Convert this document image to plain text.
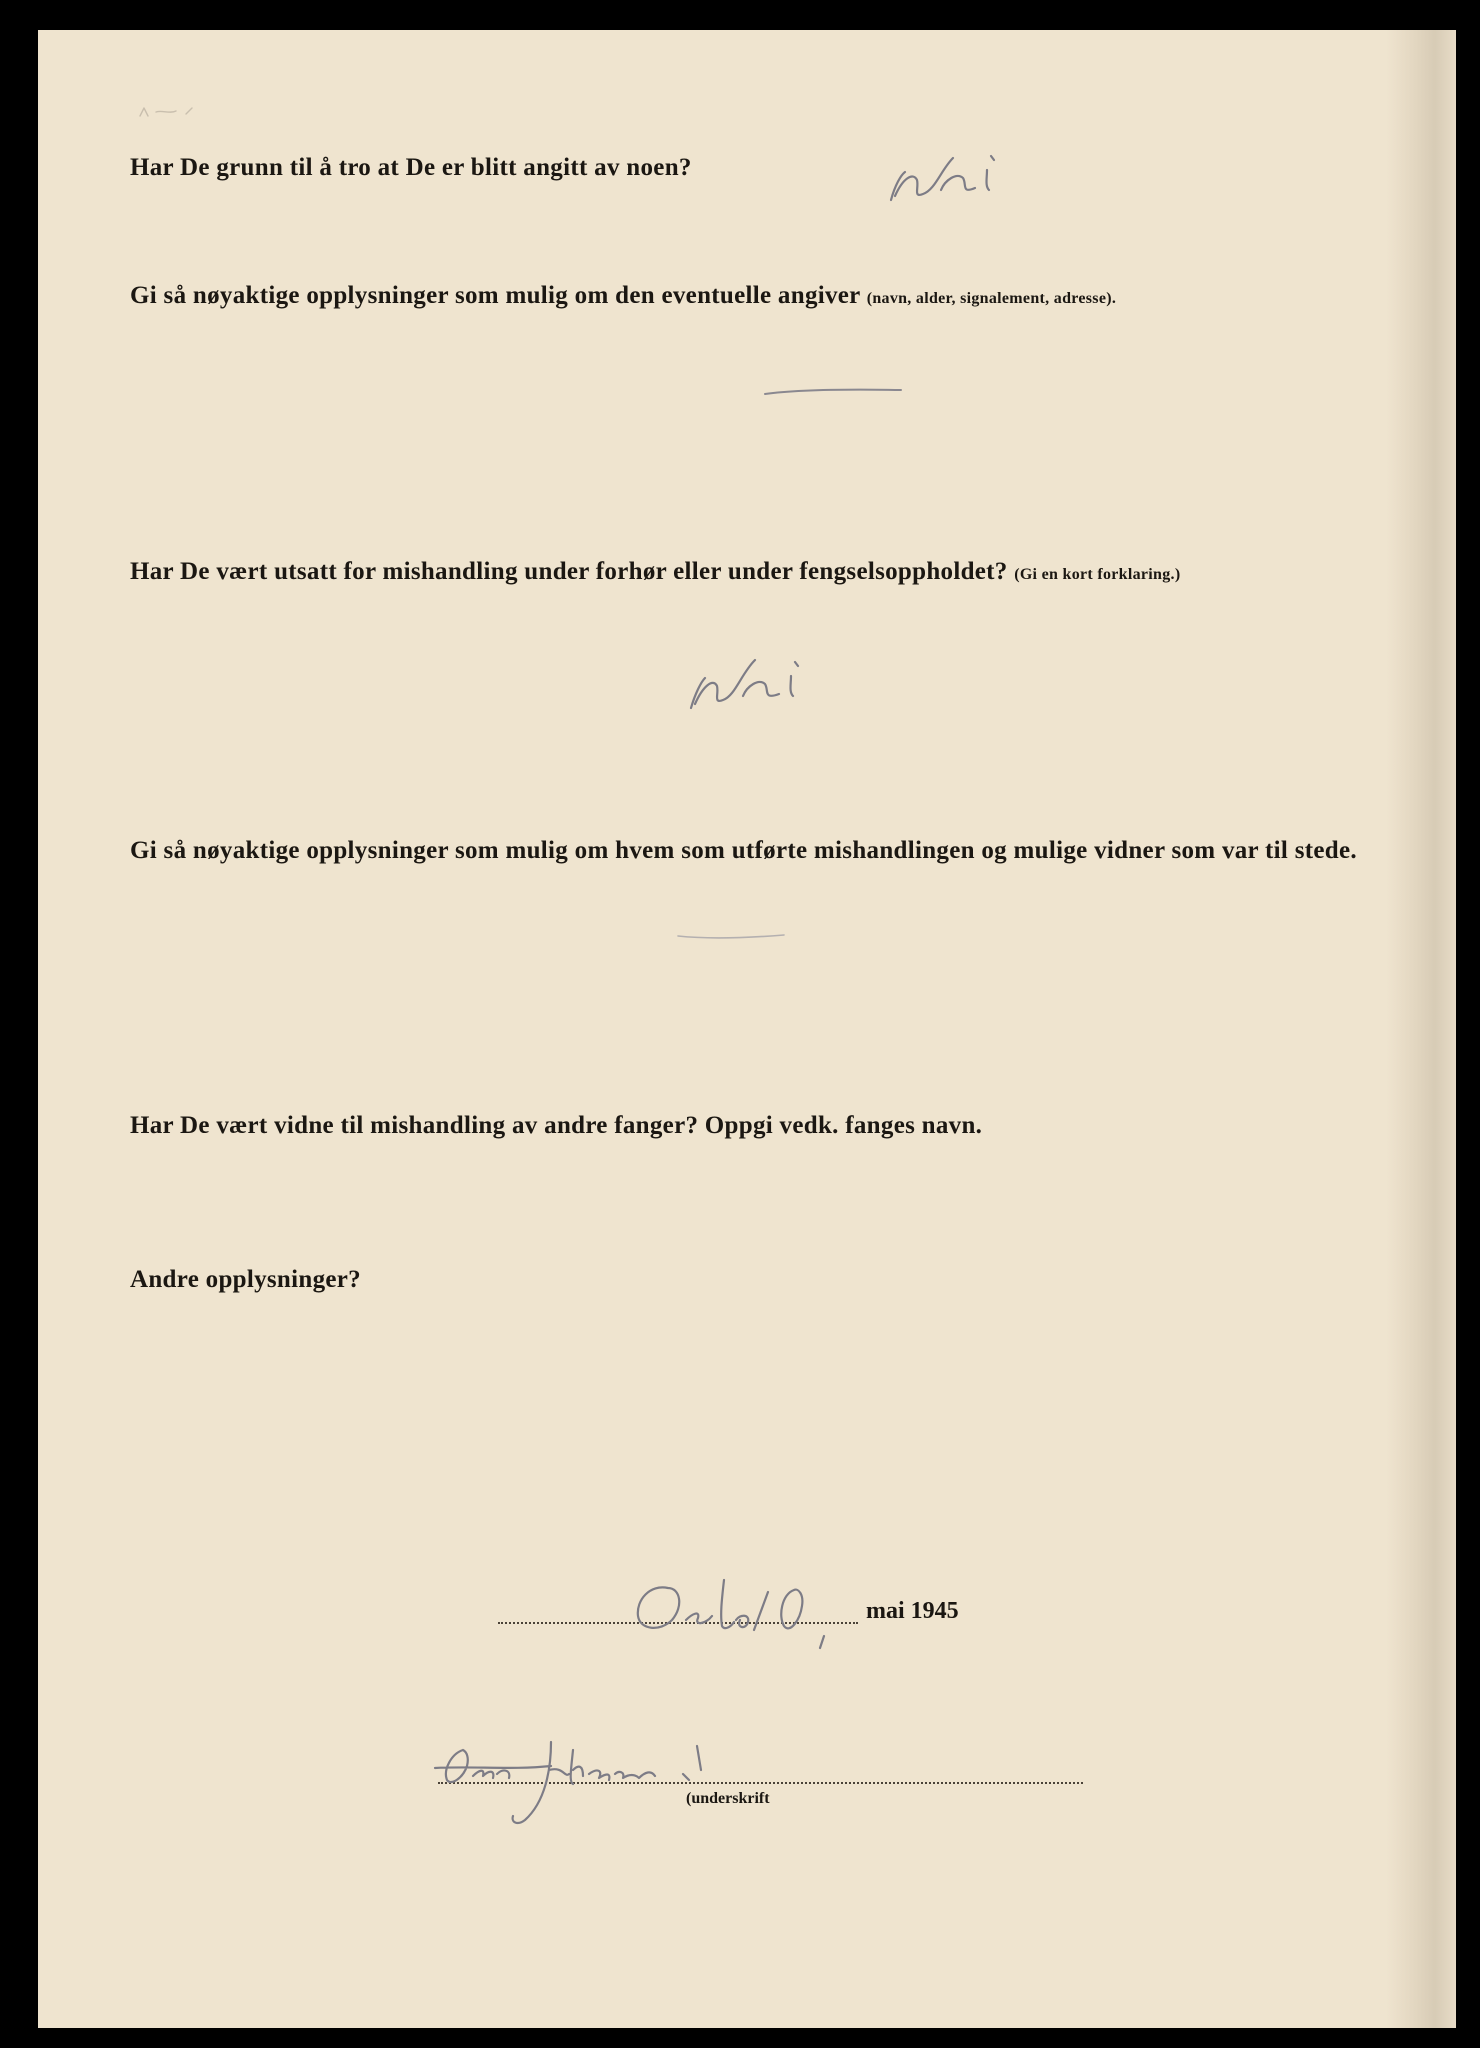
Har De grunn til å tro at De er blitt angitt av noen?

Gi så nøyaktige opplysninger som mulig om den eventuelle angiver (navn, alder, signalement, adresse).

Har De vært utsatt for mishandling under forhør eller under fengselsoppholdet? (Gi en kort forklaring.)

Gi så nøyaktige opplysninger som mulig om hvem som utførte mishandlingen og mulige vidner som var til stede.

Har De vært vidne til mishandling av andre fanger? Oppgi vedk. fanges navn.

Andre opplysninger?

mai 1945
(underskrift
